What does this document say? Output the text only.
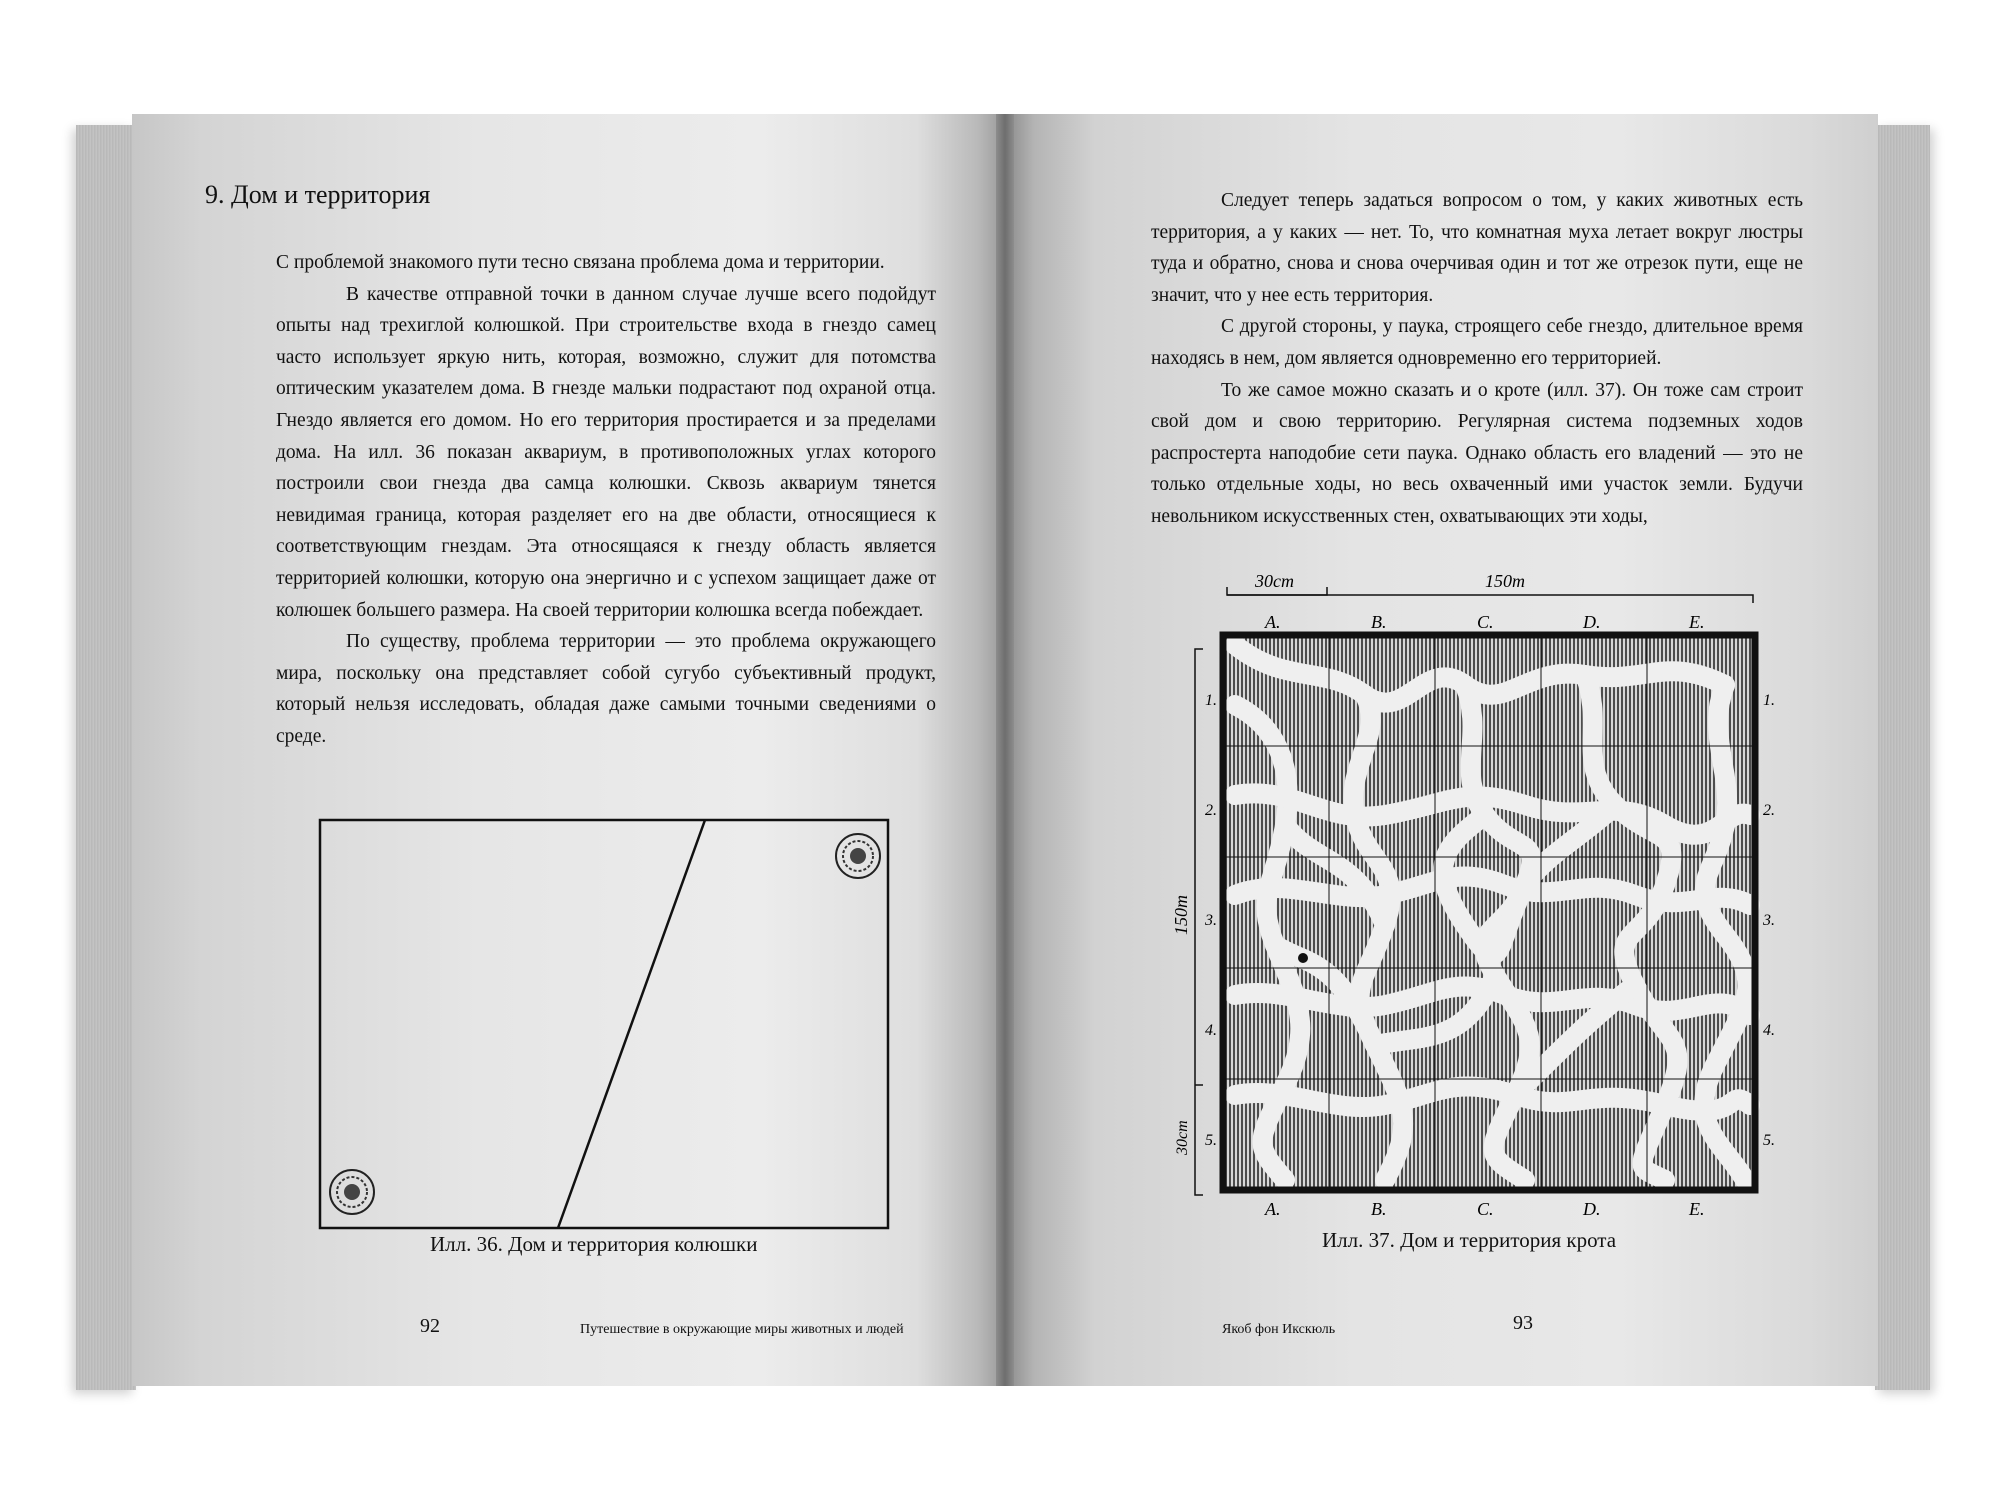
9. Дом и территория

С проблемой знакомого пути тесно связана проблема дома и территории.

В качестве отправной точки в данном случае лучше всего подойдут опыты над трехиглой колюшкой. При строительстве входа в гнездо самец часто использует яркую нить, которая, возможно, служит для потомства оптическим указателем дома. В гнезде мальки подрастают под охраной отца. Гнездо является его домом. Но его территория простирается и за пределами дома. На илл. 36 показан аквариум, в противоположных углах которого построили свои гнезда два самца колюшки. Сквозь аквариум тянется невидимая граница, которая разделяет его на две области, относящиеся к соответствующим гнездам. Эта относящаяся к гнезду область является территорией колюшки, которую она энергично и с успехом защищает даже от колюшек большего размера. На своей территории колюшка всегда побеждает.

По существу, проблема территории — это проблема окружающего мира, поскольку она представляет собой сугубо субъективный продукт, который нельзя исследовать, обладая даже самыми точными сведениями о среде.

Илл. 36. Дом и территория колюшки
92	Путешествие в окружающие миры животных и людей

Следует теперь задаться вопросом о том, у каких животных есть территория, а у каких — нет. То, что комнатная муха летает вокруг люстры туда и обратно, снова и снова очерчивая один и тот же отрезок пути, еще не значит, что у нее есть территория.

С другой стороны, у паука, строящего себе гнездо, длительное время находясь в нем, дом является одновременно его территорией.

То же самое можно сказать и о кроте (илл. 37). Он тоже сам строит свой дом и свою территорию. Регулярная система подземных ходов распростерта наподобие сети паука. Однако область его владений — это не только отдельные ходы, но весь охваченный ими участок земли. Будучи невольником искусственных стен, охватывающих эти ходы,

30cm	150m
150m
30cm
A.	B.	C.	D.	E.
A.	B.	C.	D.	E.
1.
2.
3.
4.
5.
1.
2.
3.
4.
5.
Илл. 37. Дом и территория крота
Якоб фон Икскюль	93
